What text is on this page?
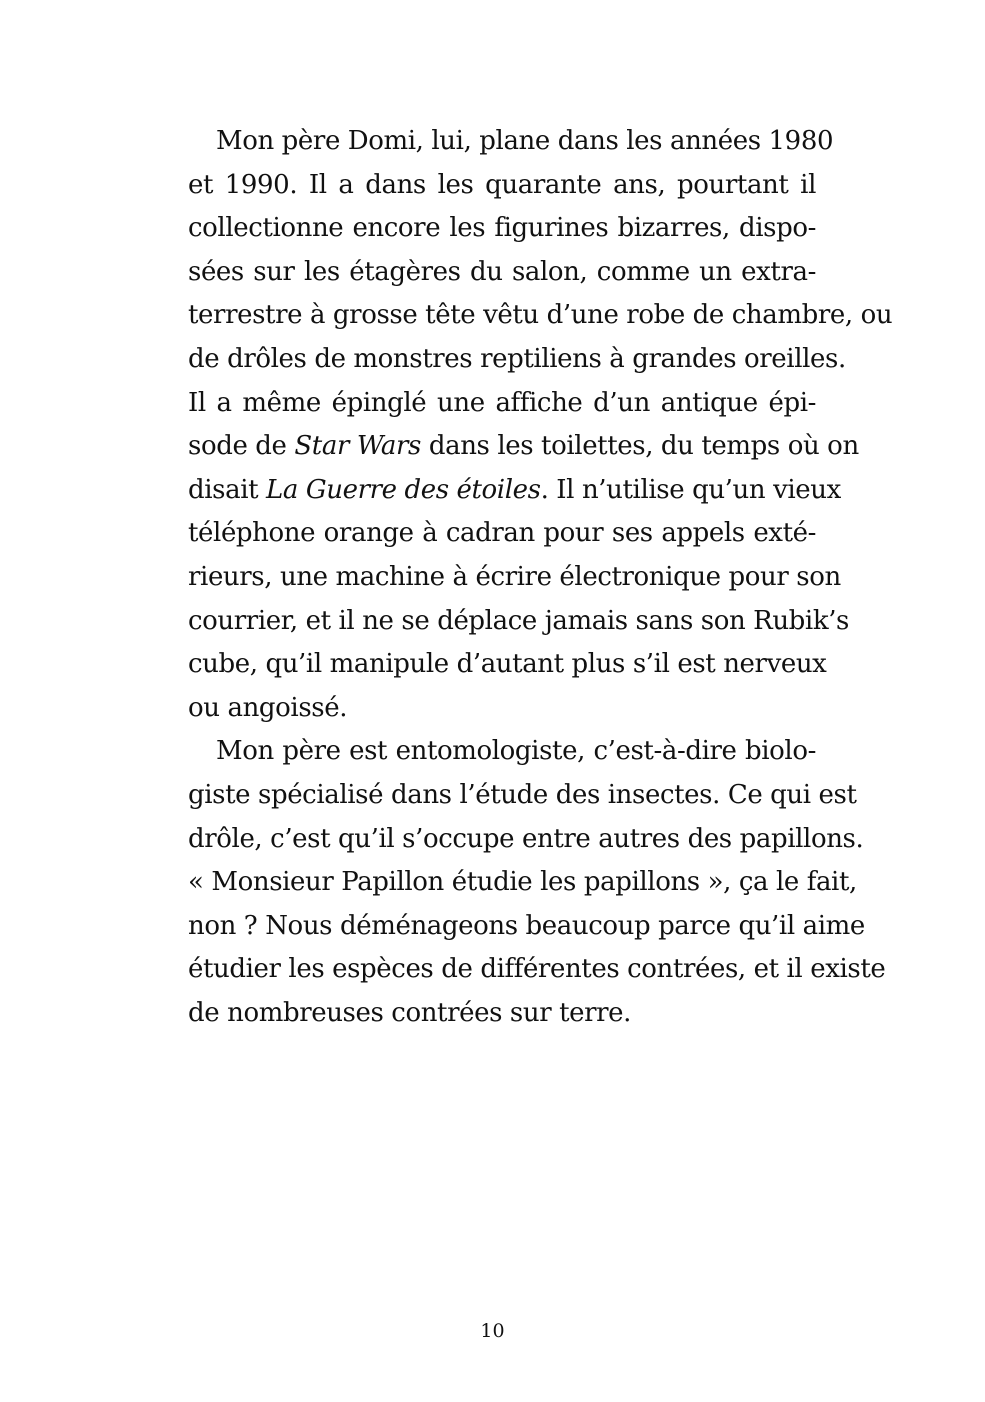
Mon père Domi, lui, plane dans les années 1980
et 1990. Il a dans les quarante ans, pourtant il
collectionne encore les figurines bizarres, dispo-
sées sur les étagères du salon, comme un extra-
terrestre à grosse tête vêtu d’une robe de chambre, ou
de drôles de monstres reptiliens à grandes oreilles.
Il a même épinglé une affiche d’un antique épi-
sode de Star Wars dans les toilettes, du temps où on
disait La Guerre des étoiles. Il n’utilise qu’un vieux
téléphone orange à cadran pour ses appels exté-
rieurs, une machine à écrire électronique pour son
courrier, et il ne se déplace jamais sans son Rubik’s
cube, qu’il manipule d’autant plus s’il est nerveux
ou angoissé.

Mon père est entomologiste, c’est-à-dire biolo-
giste spécialisé dans l’étude des insectes. Ce qui est
drôle, c’est qu’il s’occupe entre autres des papillons.
« Monsieur Papillon étudie les papillons », ça le fait,
non ? Nous déménageons beaucoup parce qu’il aime
étudier les espèces de différentes contrées, et il existe
de nombreuses contrées sur terre.

10
